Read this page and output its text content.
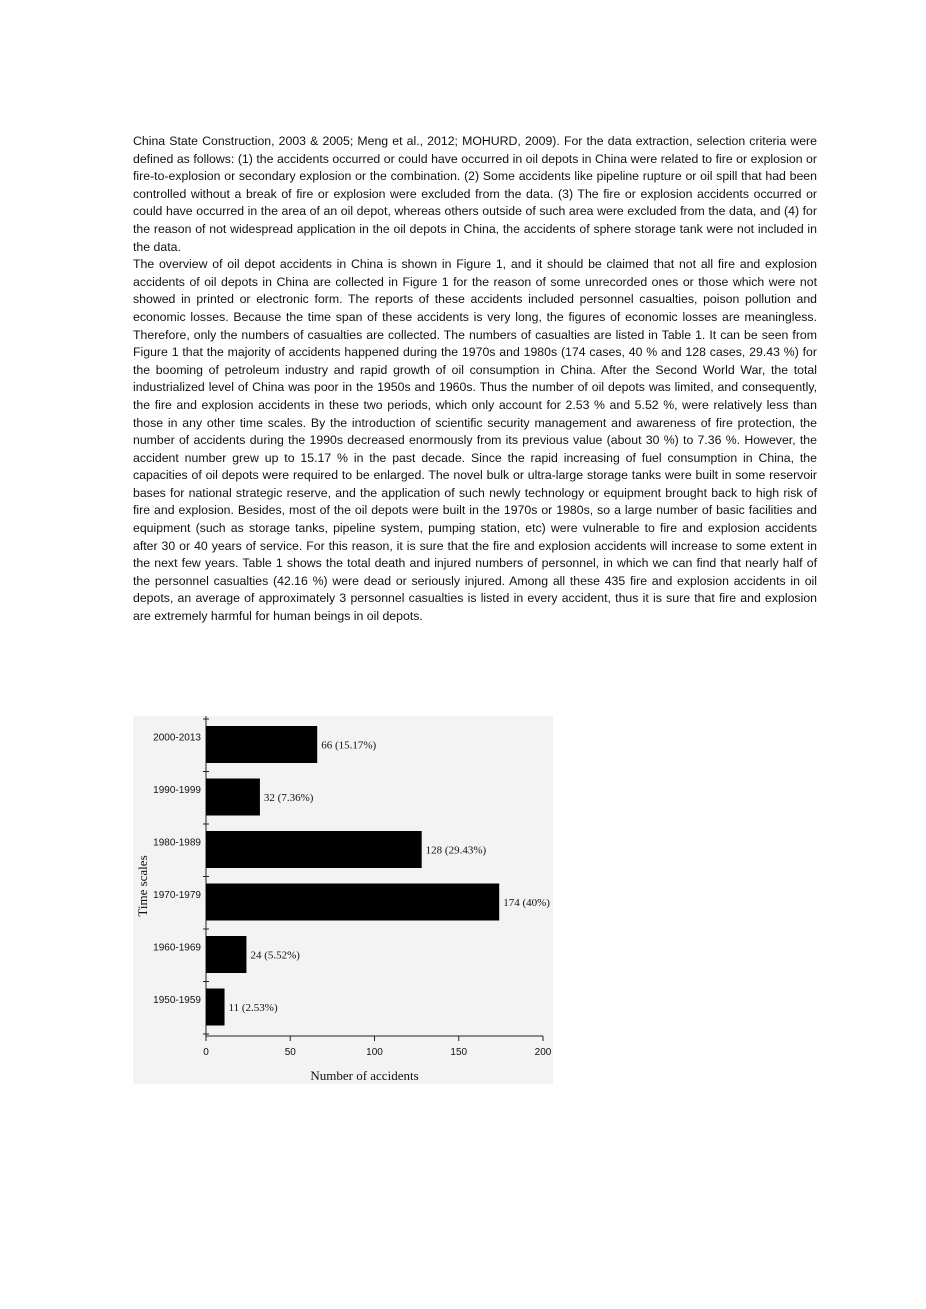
China State Construction, 2003 & 2005; Meng et al., 2012; MOHURD, 2009). For the data extraction, selection criteria were defined as follows: (1) the accidents occurred or could have occurred in oil depots in China were related to fire or explosion or fire-to-explosion or secondary explosion or the combination. (2) Some accidents like pipeline rupture or oil spill that had been controlled without a break of fire or explosion were excluded from the data. (3) The fire or explosion accidents occurred or could have occurred in the area of an oil depot, whereas others outside of such area were excluded from the data, and (4) for the reason of not widespread application in the oil depots in China, the accidents of sphere storage tank were not included in the data.

The overview of oil depot accidents in China is shown in Figure 1, and it should be claimed that not all fire and explosion accidents of oil depots in China are collected in Figure 1 for the reason of some unrecorded ones or those which were not showed in printed or electronic form. The reports of these accidents included personnel casualties, poison pollution and economic losses. Because the time span of these accidents is very long, the figures of economic losses are meaningless. Therefore, only the numbers of casualties are collected. The numbers of casualties are listed in Table 1. It can be seen from Figure 1 that the majority of accidents happened during the 1970s and 1980s (174 cases, 40 % and 128 cases, 29.43 %) for the booming of petroleum industry and rapid growth of oil consumption in China. After the Second World War, the total industrialized level of China was poor in the 1950s and 1960s. Thus the number of oil depots was limited, and consequently, the fire and explosion accidents in these two periods, which only account for 2.53 % and 5.52 %, were relatively less than those in any other time scales. By the introduction of scientific security management and awareness of fire protection, the number of accidents during the 1990s decreased enormously from its previous value (about 30 %) to 7.36 %. However, the accident number grew up to 15.17 % in the past decade. Since the rapid increasing of fuel consumption in China, the capacities of oil depots were required to be enlarged. The novel bulk or ultra-large storage tanks were built in some reservoir bases for national strategic reserve, and the application of such newly technology or equipment brought back to high risk of fire and explosion. Besides, most of the oil depots were built in the 1970s or 1980s, so a large number of basic facilities and equipment (such as storage tanks, pipeline system, pumping station, etc) were vulnerable to fire and explosion accidents after 30 or 40 years of service. For this reason, it is sure that the fire and explosion accidents will increase to some extent in the next few years. Table 1 shows the total death and injured numbers of personnel, in which we can find that nearly half of the personnel casualties (42.16 %) were dead or seriously injured. Among all these 435 fire and explosion accidents in oil depots, an average of approximately 3 personnel casualties is listed in every accident, thus it is sure that fire and explosion are extremely harmful for human beings in oil depots.

0	50	100	150	200
2000-2013
66 (15.17%)
1990-1999
32 (7.36%)
1980-1989
128 (29.43%)
1970-1979
174 (40%)
1960-1969
24 (5.52%)
1950-1959
11 (2.53%)
Number of accidents
Time scales
